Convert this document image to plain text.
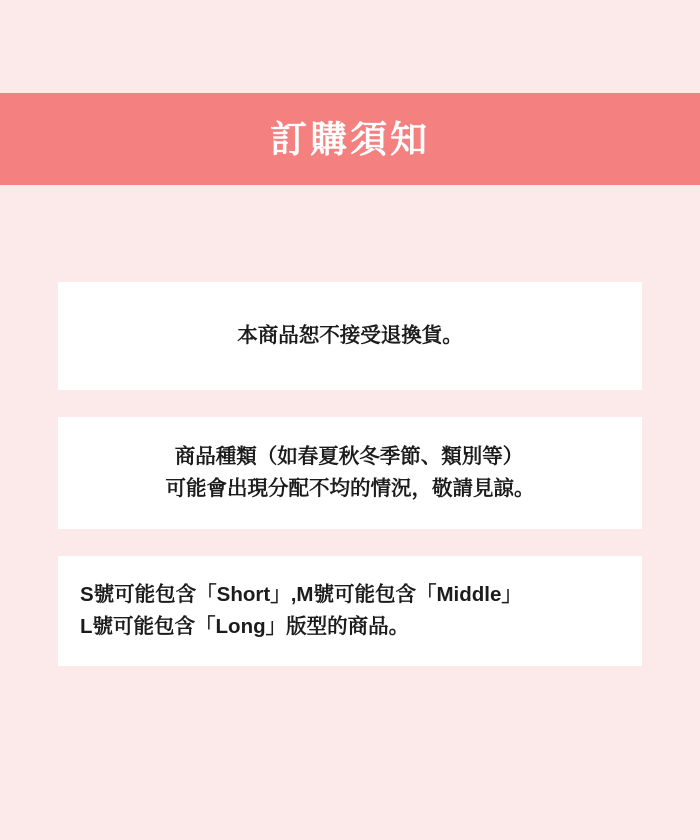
訂購須知
本商品恕不接受退換貨。
商品種類（如春夏秋冬季節、類別等）
可能會出現分配不均的情況，敬請見諒。
S號可能包含「Short」,M號可能包含「Middle」
L號可能包含「Long」版型的商品。
